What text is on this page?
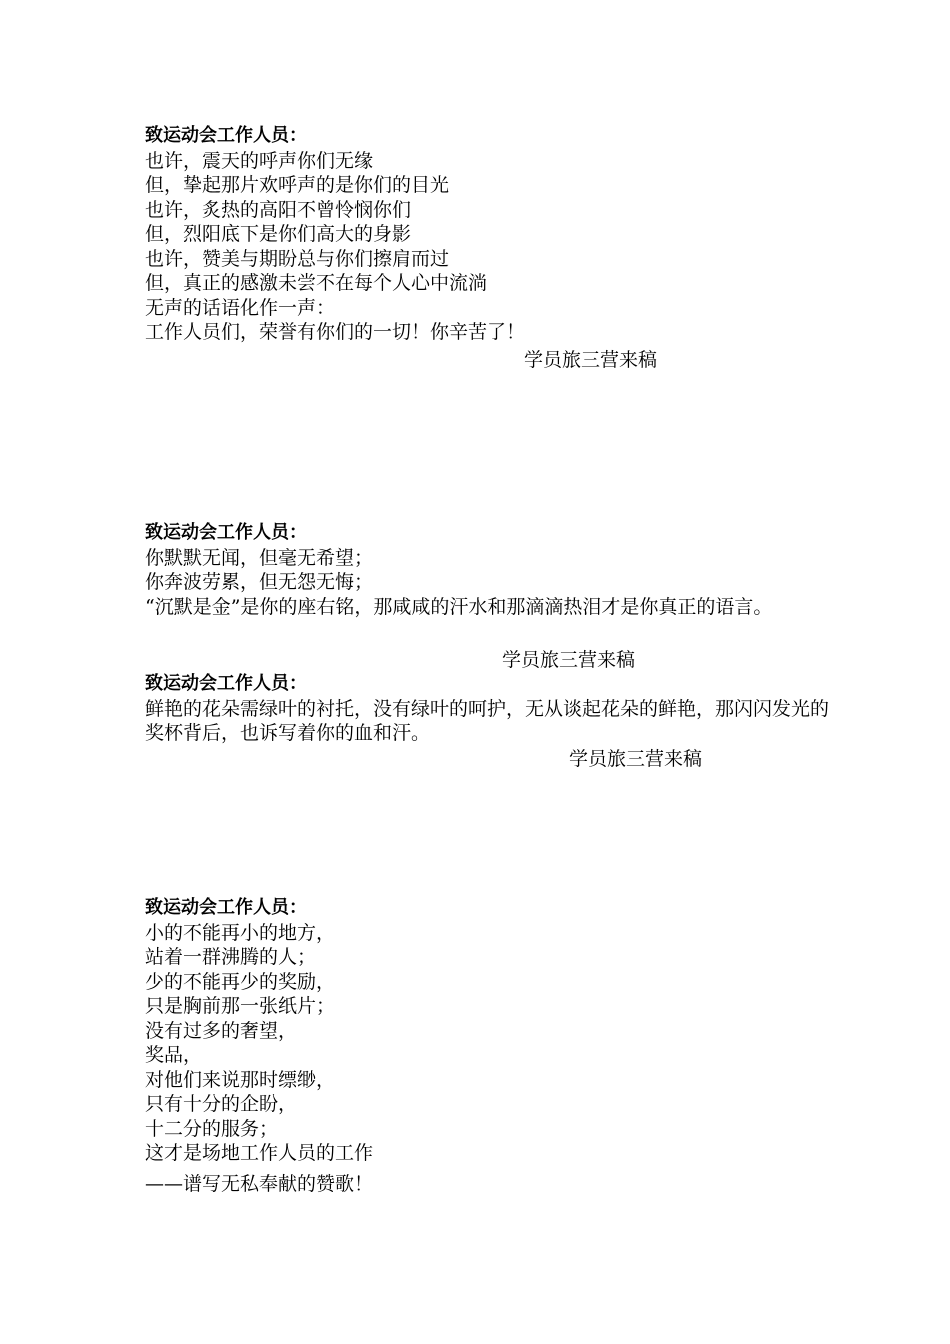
致运动会工作人员：

也许，震天的呼声你们无缘

但，挚起那片欢呼声的是你们的目光

也许，炙热的高阳不曾怜悯你们

但，烈阳底下是你们高大的身影

也许，赞美与期盼总与你们擦肩而过

但，真正的感激未尝不在每个人心中流淌

无声的话语化作一声：

工作人员们，荣誉有你们的一切！你辛苦了！

学员旅三营来稿

致运动会工作人员：

你默默无闻，但毫无希望；

你奔波劳累，但无怨无悔；

“沉默是金”是你的座右铭，那咸咸的汗水和那滴滴热泪才是你真正的语言。

学员旅三营来稿

致运动会工作人员：

鲜艳的花朵需绿叶的衬托，没有绿叶的呵护，无从谈起花朵的鲜艳，那闪闪发光的奖杯背后，也诉写着你的血和汗。

学员旅三营来稿

致运动会工作人员：

小的不能再小的地方，

站着一群沸腾的人；

少的不能再少的奖励，

只是胸前那一张纸片；

没有过多的奢望，

奖品，

对他们来说那时缥缈，

只有十分的企盼，

十二分的服务；

这才是场地工作人员的工作

——谱写无私奉献的赞歌！
